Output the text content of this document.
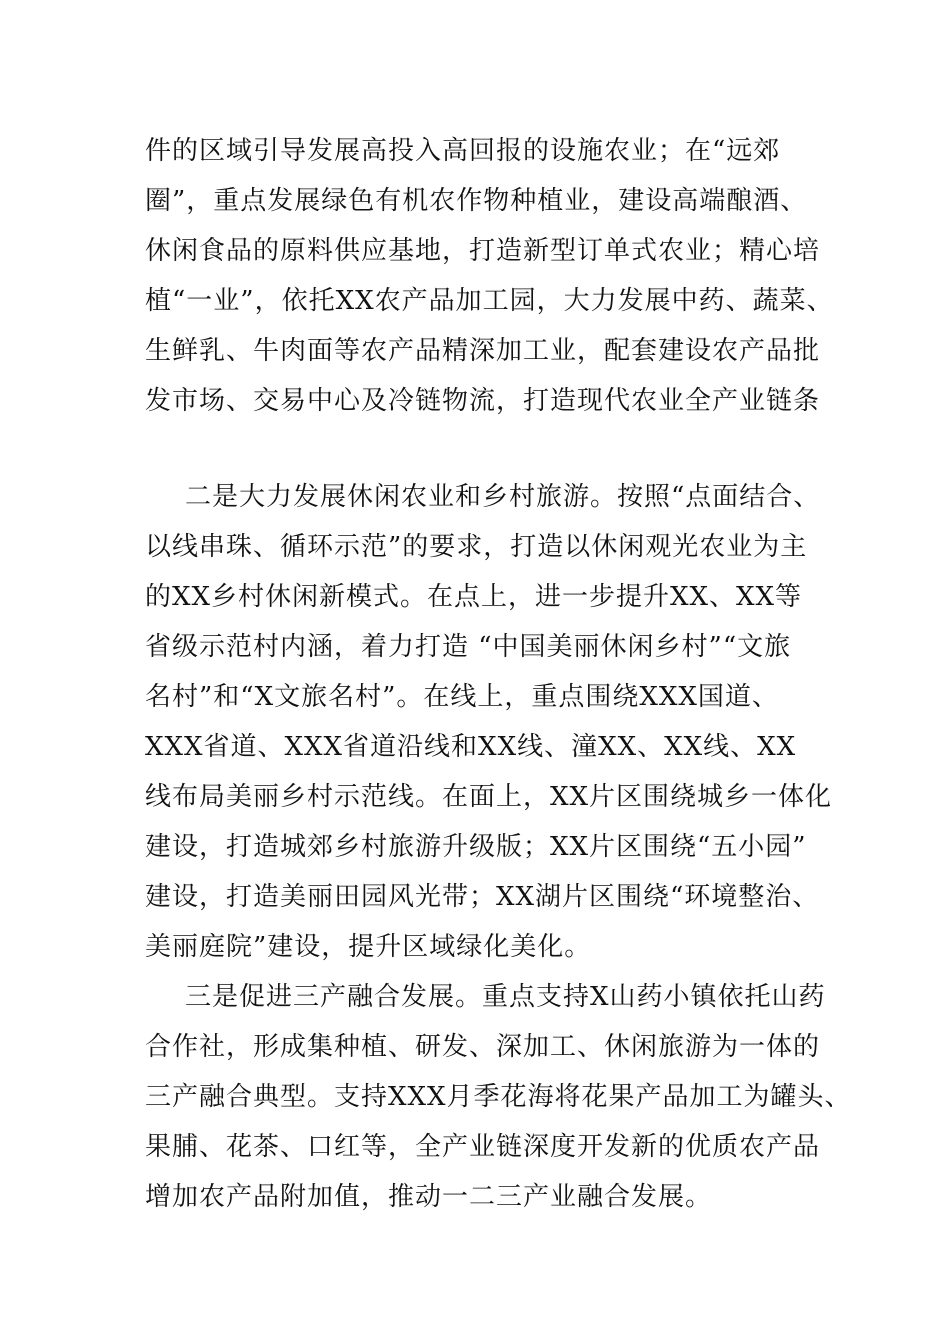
件的区域引导发展高投入高回报的设施农业；在“远郊
圈”，重点发展绿色有机农作物种植业，建设高端酿酒、
休闲食品的原料供应基地，打造新型订单式农业；精心培
植“一业”，依托XX农产品加工园，大力发展中药、蔬菜、
生鲜乳、牛肉面等农产品精深加工业，配套建设农产品批
发市场、交易中心及冷链物流，打造现代农业全产业链条
二是大力发展休闲农业和乡村旅游。按照“点面结合、
以线串珠、循环示范”的要求，打造以休闲观光农业为主
的XX乡村休闲新模式。在点上，进一步提升XX、XX等
省级示范村内涵，着力打造 “中国美丽休闲乡村”“文旅
名村”和“X文旅名村”。在线上，重点围绕XXX国道、
XXX省道、XXX省道沿线和XX线、潼XX、XX线、XX
线布局美丽乡村示范线。在面上，XX片区围绕城乡一体化
建设，打造城郊乡村旅游升级版；XX片区围绕“五小园”
建设，打造美丽田园风光带；XX湖片区围绕“环境整治、
美丽庭院”建设，提升区域绿化美化。
三是促进三产融合发展。重点支持X山药小镇依托山药
合作社，形成集种植、研发、深加工、休闲旅游为一体的
三产融合典型。支持XXX月季花海将花果产品加工为罐头、
果脯、花茶、口红等，全产业链深度开发新的优质农产品
增加农产品附加值，推动一二三产业融合发展。
